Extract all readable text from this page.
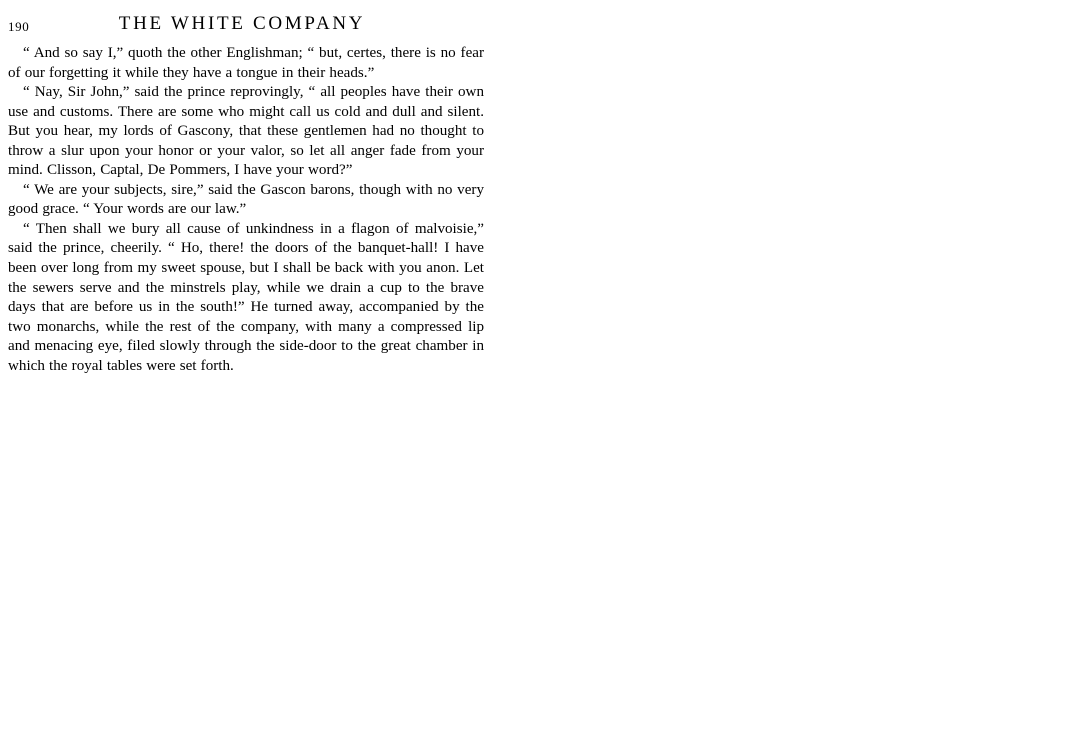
190	THE WHITE COMPANY

“ And so say I,” quoth the other Englishman; “ but, certes, there is no fear of our forgetting it while they have a tongue in their heads.”

“ Nay, Sir John,” said the prince reprovingly, “ all peoples have their own use and customs. There are some who might call us cold and dull and silent. But you hear, my lords of Gascony, that these gentlemen had no thought to throw a slur upon your honor or your valor, so let all anger fade from your mind. Clisson, Captal, De Pommers, I have your word?”

“ We are your subjects, sire,” said the Gascon barons, though with no very good grace. “ Your words are our law.”

“ Then shall we bury all cause of unkindness in a flagon of malvoisie,” said the prince, cheerily. “ Ho, there! the doors of the banquet-hall! I have been over long from my sweet spouse, but I shall be back with you anon. Let the sewers serve and the minstrels play, while we drain a cup to the brave days that are before us in the south!” He turned away, accompanied by the two monarchs, while the rest of the company, with many a compressed lip and menacing eye, filed slowly through the side-door to the great chamber in which the royal tables were set forth.
